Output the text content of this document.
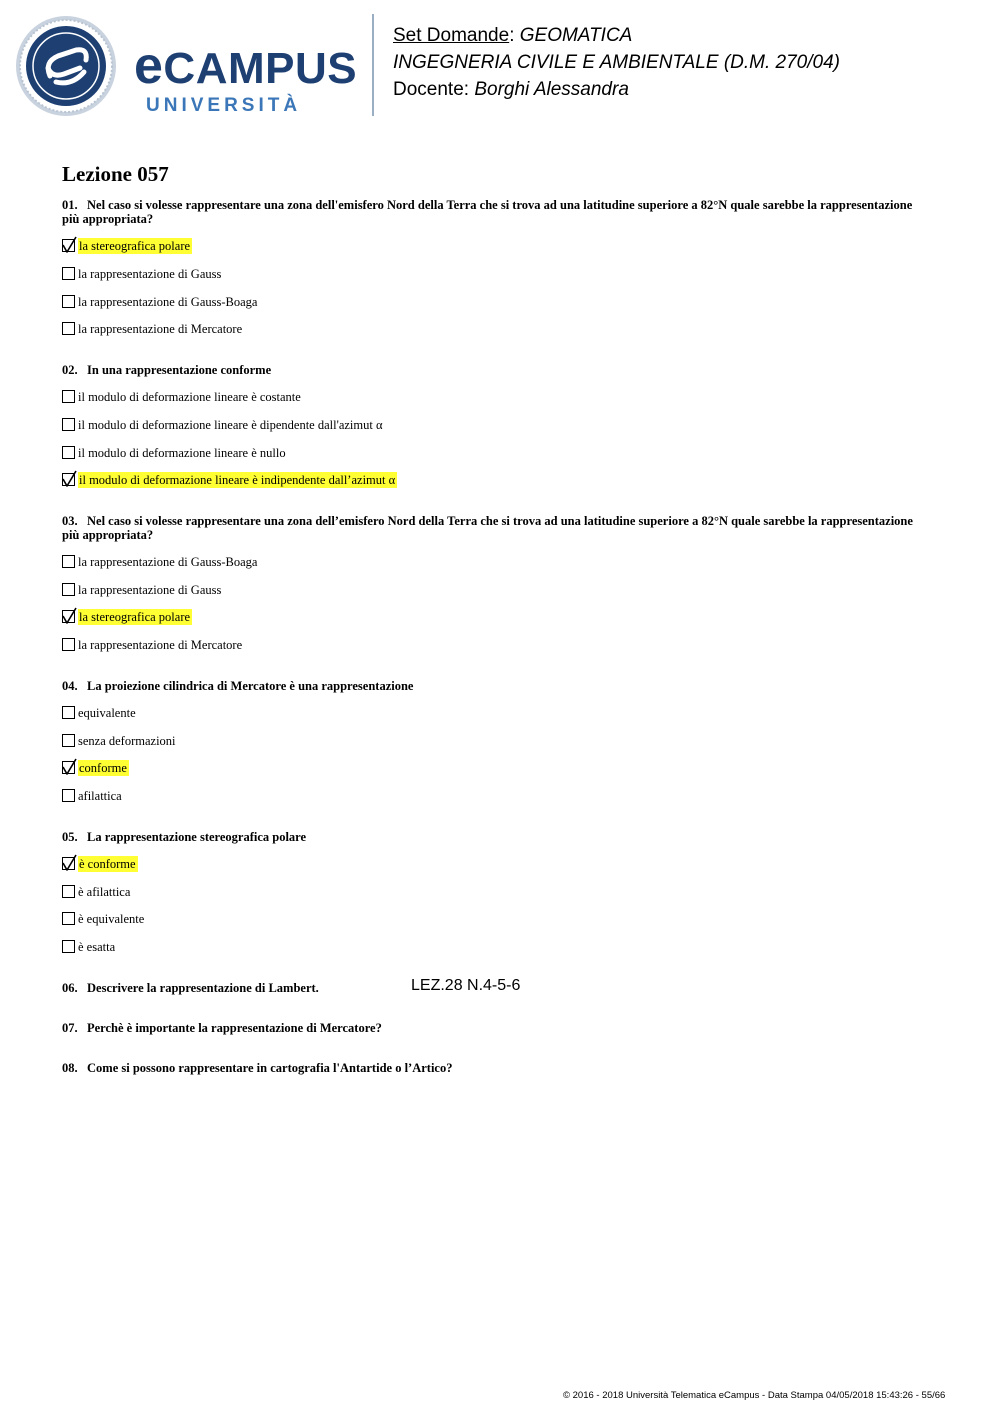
eCAMPUS
UNIVERSITÀ
Set Domande: GEOMATICA
INGEGNERIA CIVILE E AMBIENTALE (D.M. 270/04)
Docente: Borghi Alessandra
Lezione 057
01. Nel caso si volesse rappresentare una zona dell'emisfero Nord della Terra che si trova ad una latitudine superiore a 82°N quale sarebbe la rappresentazione più appropriata?
la stereografica polare
la rappresentazione di Gauss
la rappresentazione di Gauss-Boaga
la rappresentazione di Mercatore
02. In una rappresentazione conforme
il modulo di deformazione lineare è costante
il modulo di deformazione lineare è dipendente dall'azimut α
il modulo di deformazione lineare è nullo
il modulo di deformazione lineare è indipendente dall’azimut α
03. Nel caso si volesse rappresentare una zona dell’emisfero Nord della Terra che si trova ad una latitudine superiore a 82°N quale sarebbe la rappresentazione più appropriata?
la rappresentazione di Gauss-Boaga
la rappresentazione di Gauss
la stereografica polare
la rappresentazione di Mercatore
04. La proiezione cilindrica di Mercatore è una rappresentazione
equivalente
senza deformazioni
conforme
afilattica
05. La rappresentazione stereografica polare
è conforme
è afilattica
è equivalente
è esatta
06. Descrivere la rappresentazione di Lambert.	LEZ.28 N.4-5-6
07. Perchè è importante la rappresentazione di Mercatore?
08. Come si possono rappresentare in cartografia l'Antartide o l’Artico?
© 2016 - 2018 Università Telematica eCampus - Data Stampa 04/05/2018 15:43:26 - 55/66
